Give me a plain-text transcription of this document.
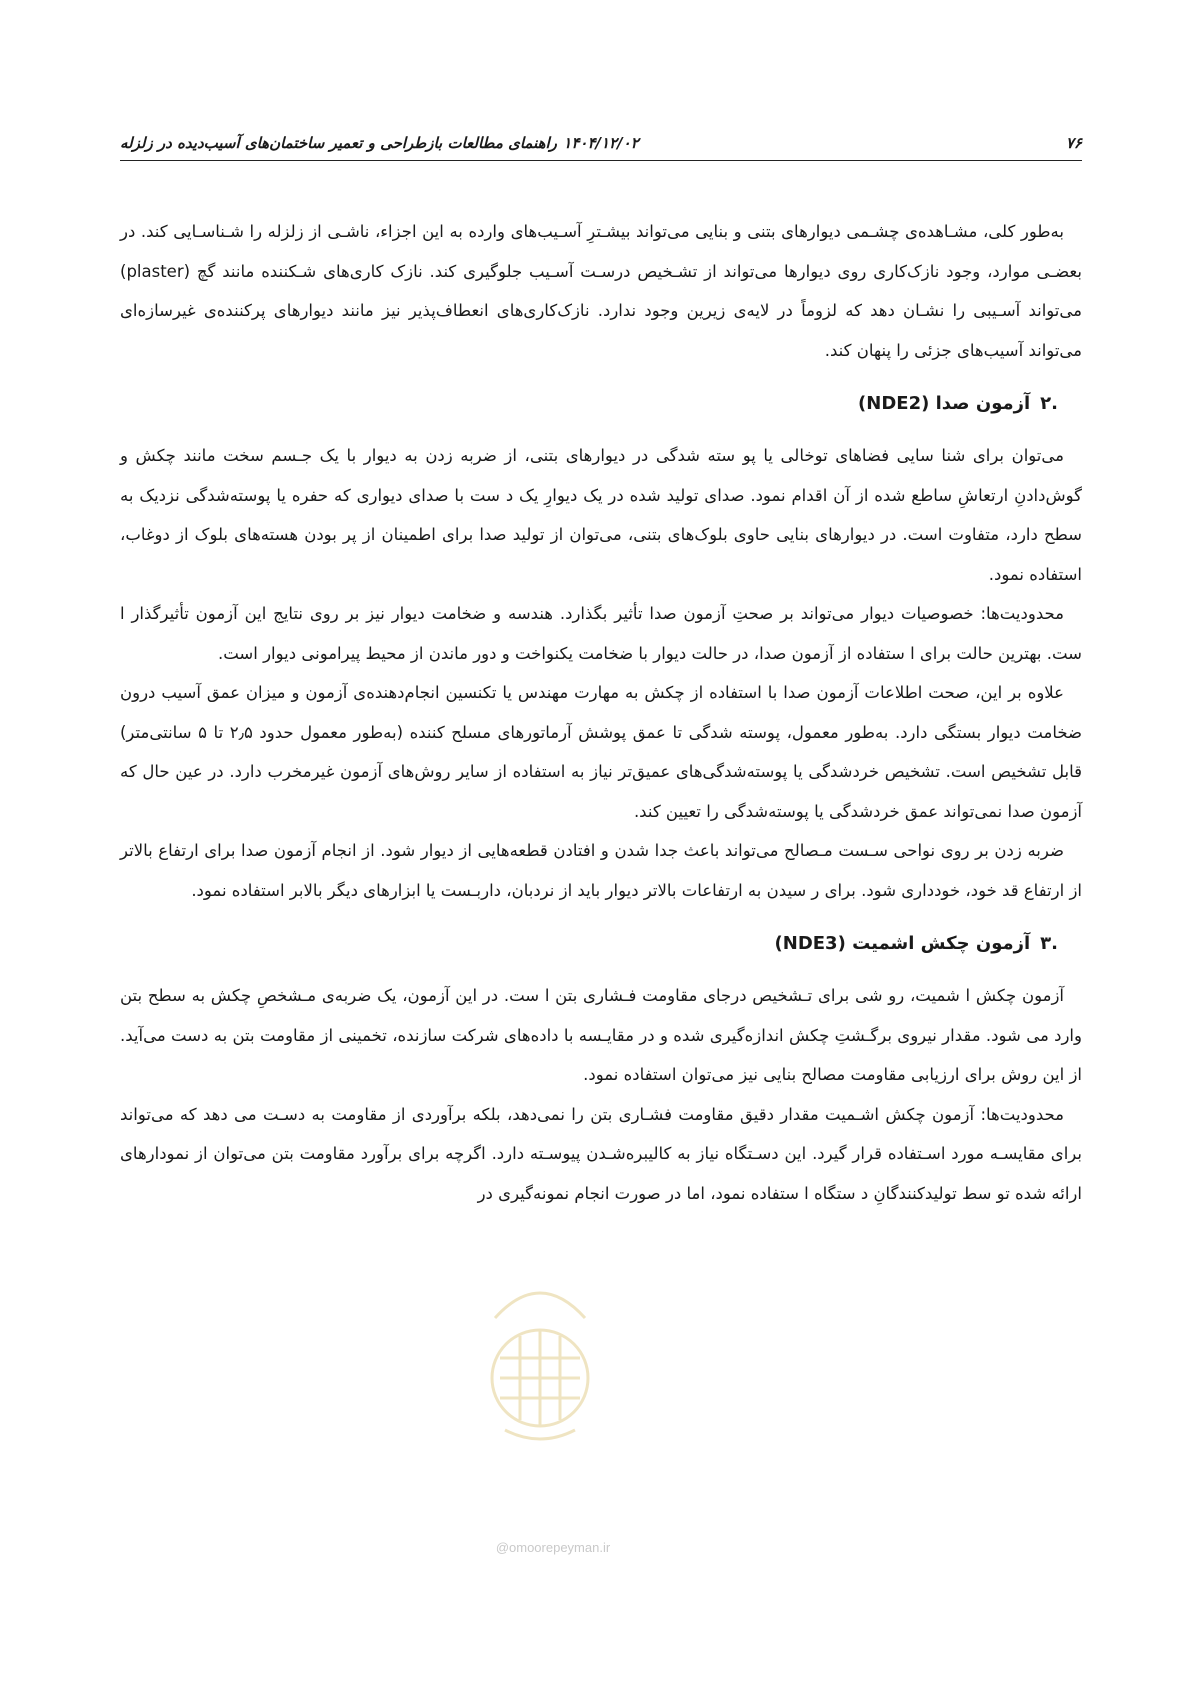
۷۶
۱۴۰۴/۱۲/۰۲
راهنمای مطالعات بازطراحی و تعمیر ساختمان‌های آسیب‌دیده در زلزله

به‌طور کلی، مشـاهده‌ی چشـمی دیوارهای بتنی و بنایی می‌تواند بیشـترِ آسـیب‌های وارده به این اجزاء، ناشـی از زلزله را شـناسـایی کند. در بعضـی موارد، وجود نازک‌کاری روی دیوارها می‌تواند از تشـخیص درسـت آسـیب جلوگیری کند. نازک کاری‌های شـکننده مانند گچ (plaster) می‌تواند آسـیبی را نشـان دهد که لزوماً در لایه‌ی زیرین وجود ندارد. نازک‌کاری‌های انعطاف‌پذیر نیز مانند دیوارهای پرکننده‌ی غیرسازه‌ای می‌تواند آسیب‌های جزئی را پنهان کند.

.۲آزمون صدا (NDE2)

می‌توان برای شنا سایی فضاهای توخالی یا پو سته شدگی در دیوارهای بتنی، از ضربه زدن به دیوار با یک جـسم سخت مانند چکش و گوش‌دادنِ ارتعاشِ ساطع شده از آن اقدام نمود. صدای تولید شده در یک دیوارِ یک د ست با صدای دیواری که حفره یا پوسته‌شدگی نزدیک به سطح دارد، متفاوت است. در دیوارهای بنایی حاوی بلوک‌های بتنی، می‌توان از تولید صدا برای اطمینان از پر بودن هسته‌های بلوک از دوغاب، استفاده نمود.

محدودیت‌ها: خصوصیات دیوار می‌تواند بر صحتِ آزمون صدا تأثیر بگذارد. هندسه و ضخامت دیوار نیز بر روی نتایج این آزمون تأثیرگذار ا ست. بهترین حالت برای ا ستفاده از آزمون صدا، در حالت دیوار با ضخامت یکنواخت و دور ماندن از محیط پیرامونی دیوار است.

علاوه بر این، صحت اطلاعات آزمون صدا با استفاده از چکش به مهارت مهندس یا تکنسین انجام‌دهنده‌ی آزمون و میزان عمق آسیب درون ضخامت دیوار بستگی دارد. به‌طور معمول، پوسته شدگی تا عمق پوشش آرماتورهای مسلح کننده (به‌طور معمول حدود ۲٫۵ تا ۵ سانتی‌متر) قابل تشخیص است. تشخیص خردشدگی یا پوسته‌شدگی‌های عمیق‌تر نیاز به استفاده از سایر روش‌های آزمون غیرمخرب دارد. در عین حال که آزمون صدا نمی‌تواند عمق خردشدگی یا پوسته‌شدگی را تعیین کند.

ضربه زدن بر روی نواحی سـست مـصالح می‌تواند باعث جدا شدن و افتادن قطعه‌هایی از دیوار شود. از انجام آزمون صدا برای ارتفاع بالاتر از ارتفاع قد خود، خودداری شود. برای ر سیدن به ارتفاعات بالاتر دیوار باید از نردبان، داربـست یا ابزارهای دیگر بالابر استفاده نمود.

.۳آزمون چکش اشمیت (NDE3)

آزمون چکش ا شمیت، رو شی برای تـشخیص درجای مقاومت فـشاری بتن ا ست. در این آزمون، یک ضربه‌ی مـشخصِ چکش به سطح بتن وارد می شود. مقدار نیروی برگـشتِ چکش اندازه‌گیری شده و در مقایـسه با داده‌های شرکت سازنده، تخمینی از مقاومت بتن به دست می‌آید. از این روش برای ارزیابی مقاومت مصالح بنایی نیز می‌توان استفاده نمود.

محدودیت‌ها: آزمون چکش اشـمیت مقدار دقیق مقاومت فشـاری بتن را نمی‌دهد، بلکه برآوردی از مقاومت به دسـت می دهد که می‌تواند برای مقایسـه مورد اسـتفاده قرار گیرد. این دسـتگاه نیاز به کالیبره‌شـدن پیوسـته دارد. اگرچه برای برآورد مقاومت بتن می‌توان از نمودارهای ارائه شده تو سط تولیدکنندگانِ د ستگاه ا ستفاده نمود، اما در صورت انجام نمونه‌گیری در

@omoorepeyman.ir
